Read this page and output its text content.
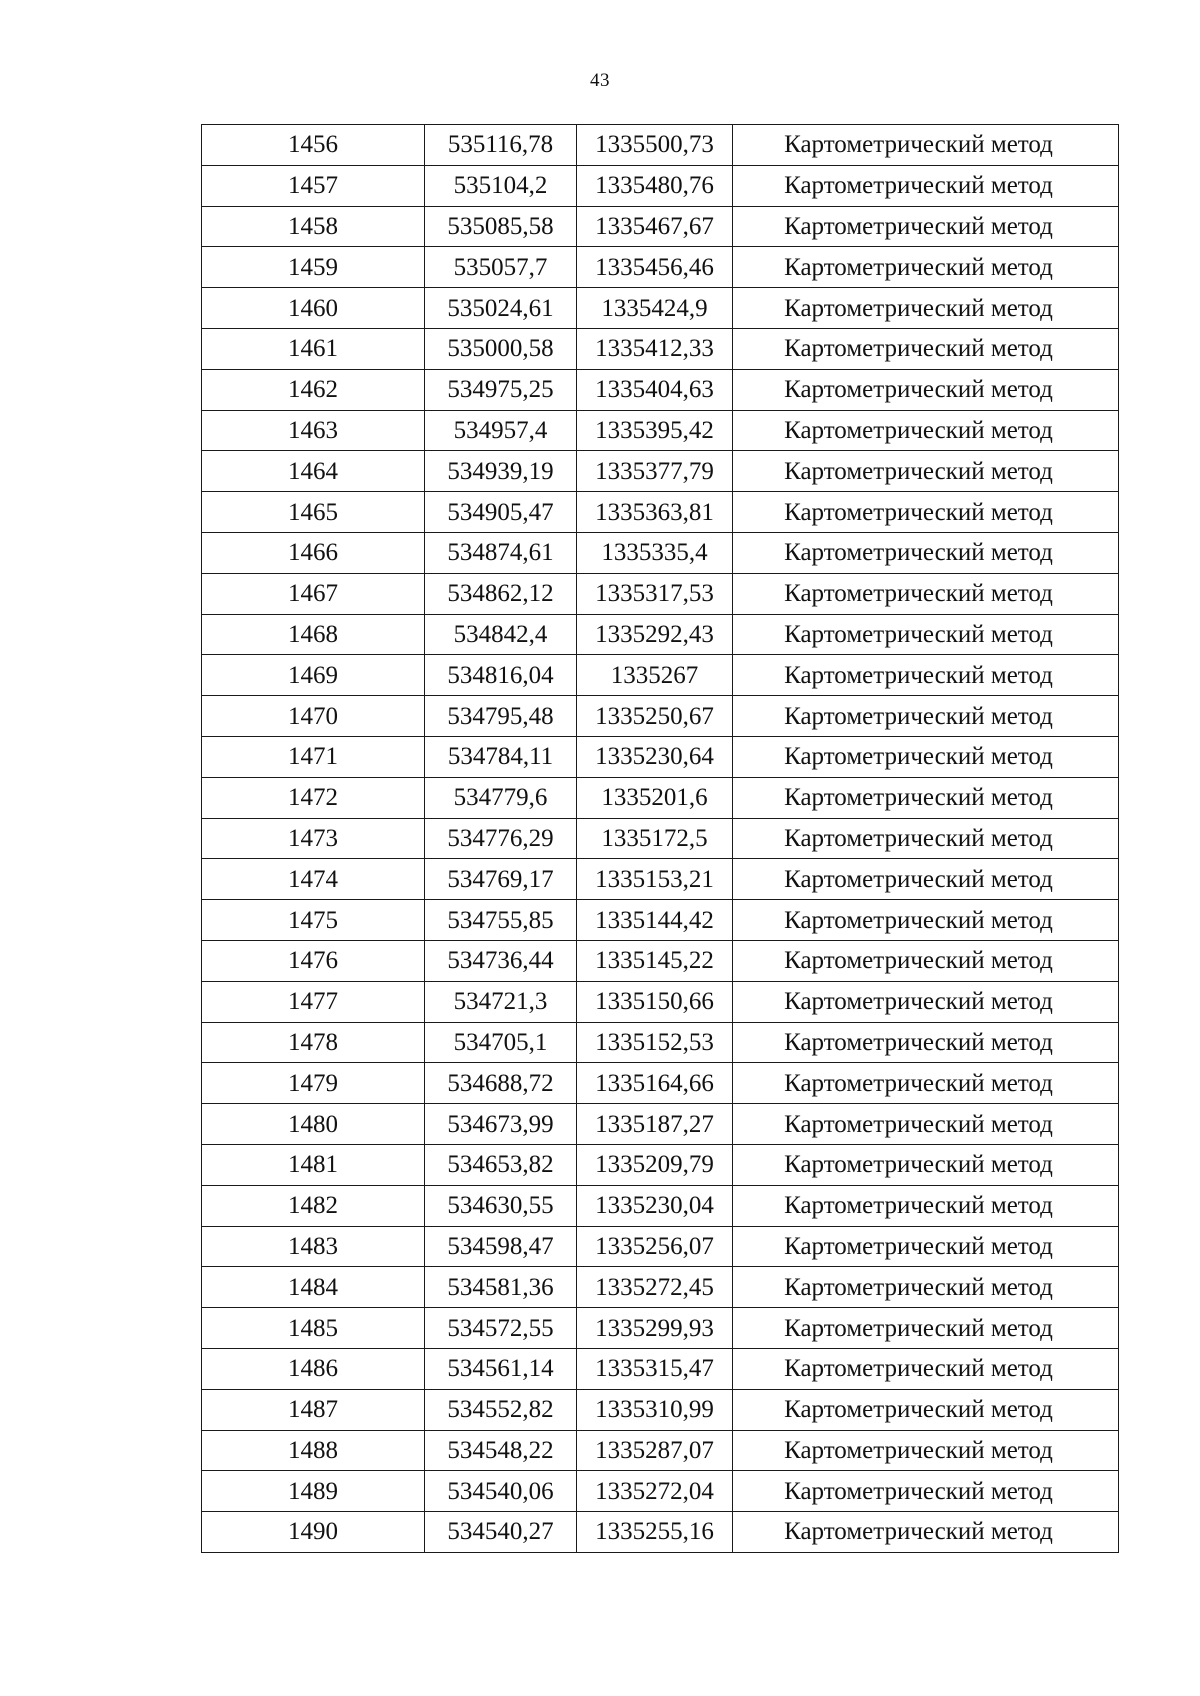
43
1456	535116,78	1335500,73	Картометрический метод
1457	535104,2	1335480,76	Картометрический метод
1458	535085,58	1335467,67	Картометрический метод
1459	535057,7	1335456,46	Картометрический метод
1460	535024,61	1335424,9	Картометрический метод
1461	535000,58	1335412,33	Картометрический метод
1462	534975,25	1335404,63	Картометрический метод
1463	534957,4	1335395,42	Картометрический метод
1464	534939,19	1335377,79	Картометрический метод
1465	534905,47	1335363,81	Картометрический метод
1466	534874,61	1335335,4	Картометрический метод
1467	534862,12	1335317,53	Картометрический метод
1468	534842,4	1335292,43	Картометрический метод
1469	534816,04	1335267	Картометрический метод
1470	534795,48	1335250,67	Картометрический метод
1471	534784,11	1335230,64	Картометрический метод
1472	534779,6	1335201,6	Картометрический метод
1473	534776,29	1335172,5	Картометрический метод
1474	534769,17	1335153,21	Картометрический метод
1475	534755,85	1335144,42	Картометрический метод
1476	534736,44	1335145,22	Картометрический метод
1477	534721,3	1335150,66	Картометрический метод
1478	534705,1	1335152,53	Картометрический метод
1479	534688,72	1335164,66	Картометрический метод
1480	534673,99	1335187,27	Картометрический метод
1481	534653,82	1335209,79	Картометрический метод
1482	534630,55	1335230,04	Картометрический метод
1483	534598,47	1335256,07	Картометрический метод
1484	534581,36	1335272,45	Картометрический метод
1485	534572,55	1335299,93	Картометрический метод
1486	534561,14	1335315,47	Картометрический метод
1487	534552,82	1335310,99	Картометрический метод
1488	534548,22	1335287,07	Картометрический метод
1489	534540,06	1335272,04	Картометрический метод
1490	534540,27	1335255,16	Картометрический метод
